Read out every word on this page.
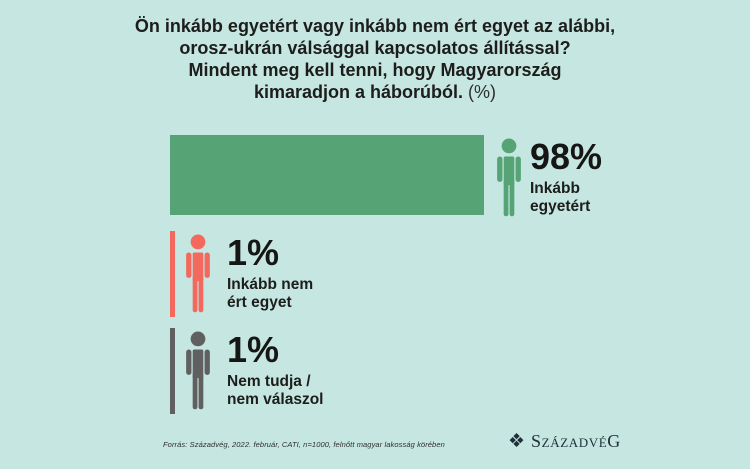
Ön inkább egyetért vagy inkább nem ért egyet az alábbi,
orosz-ukrán válsággal kapcsolatos állítással?
Mindent meg kell tenni, hogy Magyarország
kimaradjon a háborúból. (%)
98%
Inkább
egyetért
1%
Inkább nem
ért egyet
1%
Nem tudja /
nem válaszol
Forrás: Századvég, 2022. február, CATI, n=1000, felnőtt magyar lakosság körében	❖ SZÁZADVÉG
